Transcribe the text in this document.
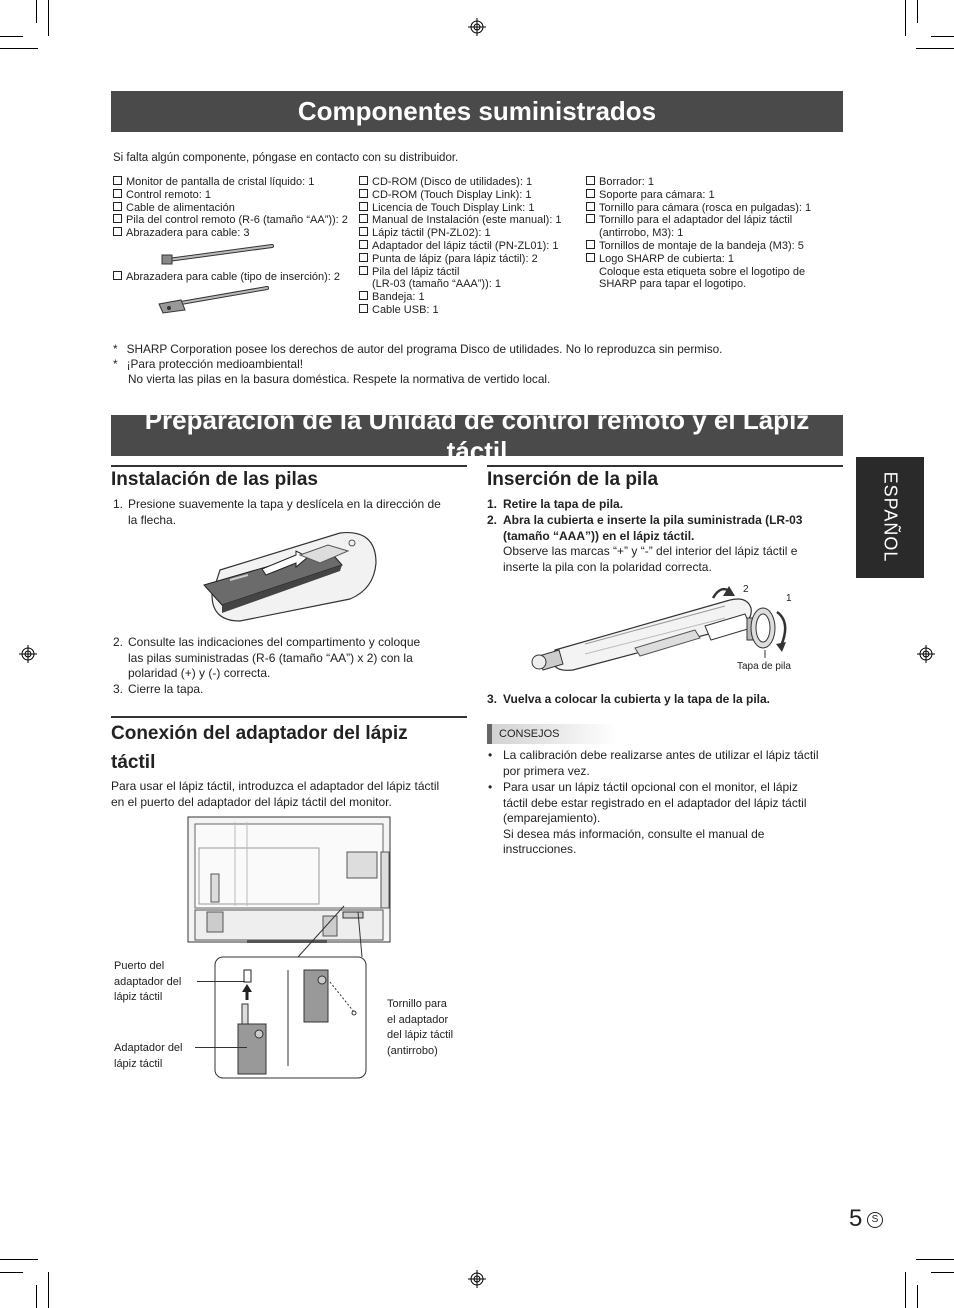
Componentes suministrados
Si falta algún componente, póngase en contacto con su distribuidor.
Monitor de pantalla de cristal líquido: 1
Control remoto: 1
Cable de alimentación
Pila del control remoto (R-6 (tamaño “AA”)): 2
Abrazadera para cable: 3
Abrazadera para cable (tipo de inserción): 2
CD-ROM (Disco de utilidades): 1
CD-ROM (Touch Display Link): 1
Licencia de Touch Display Link: 1
Manual de Instalación (este manual): 1
Lápiz táctil (PN-ZL02): 1
Adaptador del lápiz táctil (PN-ZL01): 1
Punta de lápiz (para lápiz táctil): 2
Pila del lápiz táctil
(LR-03 (tamaño “AAA”)): 1
Bandeja: 1
Cable USB: 1
Borrador: 1
Soporte para cámara: 1
Tornillo para cámara (rosca en pulgadas): 1
Tornillo para el adaptador del lápiz táctil
(antirrobo, M3): 1
Tornillos de montaje de la bandeja (M3): 5
Logo SHARP de cubierta: 1
Coloque esta etiqueta sobre el logotipo de
SHARP para tapar el logotipo.
* SHARP Corporation posee los derechos de autor del programa Disco de utilidades. No lo reproduzca sin permiso.
* ¡Para protección medioambiental!
No vierta las pilas en la basura doméstica. Respete la normativa de vertido local.
Preparación de la Unidad de control remoto y el Lápiz táctil
ESPAÑOL
Instalación de las pilas
1. Presione suavemente la tapa y deslícela en la dirección de
la flecha.
2. Consulte las indicaciones del compartimento y coloque
las pilas suministradas (R-6 (tamaño “AA”) x 2) con la
polaridad (+) y (-) correcta.
3. Cierre la tapa.
Conexión del adaptador del lápiz
táctil
Para usar el lápiz táctil, introduzca el adaptador del lápiz táctil
en el puerto del adaptador del lápiz táctil del monitor.
Puerto del
adaptador del
lápiz táctil
Adaptador del
lápiz táctil
Tornillo para
el adaptador
del lápiz táctil
(antirrobo)
Inserción de la pila
1. Retire la tapa de pila.
2. Abra la cubierta e inserte la pila suministrada (LR-03
(tamaño “AAA”)) en el lápiz táctil.
Observe las marcas “+” y “-” del interior del lápiz táctil e
inserte la pila con la polaridad correcta.
2
1
Tapa de pila
3. Vuelva a colocar la cubierta y la tapa de la pila.
CONSEJOS
• La calibración debe realizarse antes de utilizar el lápiz táctil
por primera vez.
• Para usar un lápiz táctil opcional con el monitor, el lápiz
táctil debe estar registrado en el adaptador del lápiz táctil
(emparejamiento).
Si desea más información, consulte el manual de
instrucciones.
5 S
